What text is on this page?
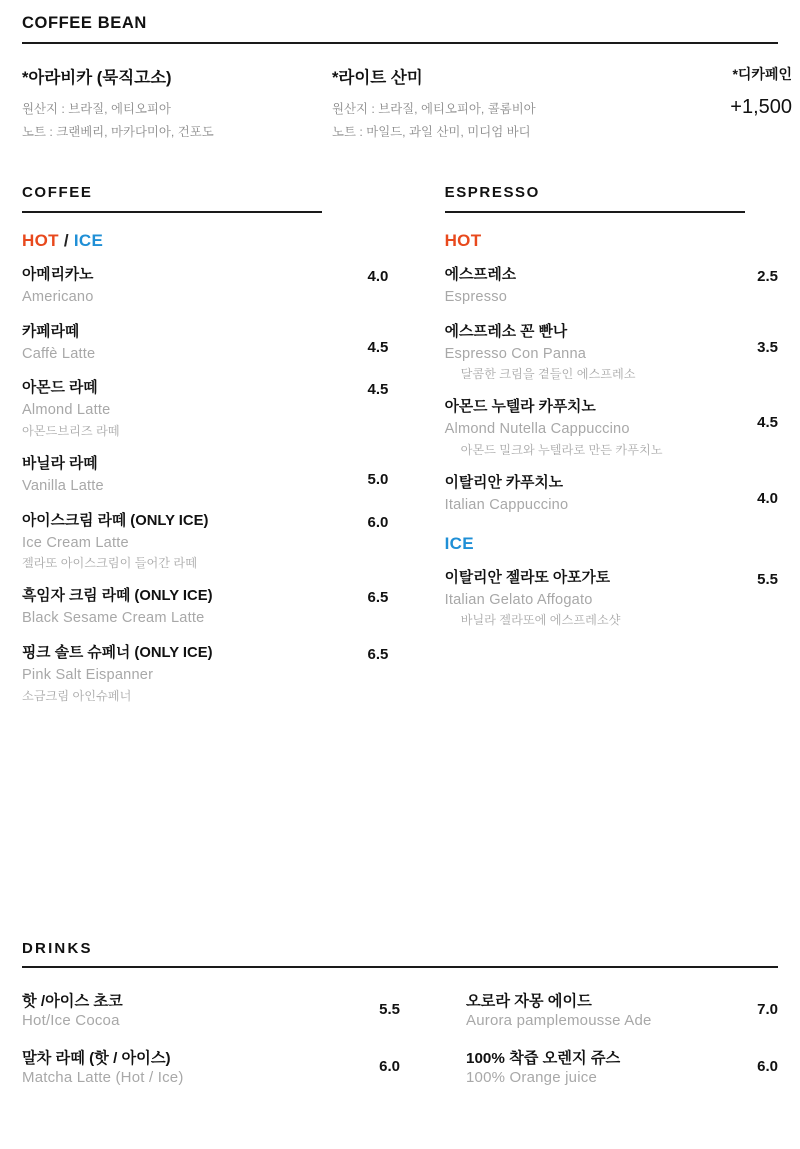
COFFEE BEAN
*아라비카 (묵직고소)
원산지 : 브라질, 에티오피아
노트 : 크랜베리, 마카다미아, 건포도
*라이트 산미
원산지 : 브라질, 에티오피아, 콜롬비아
노트 : 마일드, 과일 산미, 미디엄 바디
*디카페인
+1,500
COFFEE
HOT / ICE
아메리카노
Americano
4.0
카페라떼
Caffè Latte	4.5
아몬드 라떼
Almond Latte
아몬드브리즈 라떼
4.5
바닐라 라떼
Vanilla Latte	5.0
아이스크림 라떼 (ONLY ICE)
Ice Cream Latte
젤라또 아이스크림이 들어간 라떼
6.0
흑임자 크림 라떼 (ONLY ICE)
Black Sesame Cream Latte
6.5
핑크 솔트 슈페너 (ONLY ICE)
Pink Salt Eispanner
소금크림 아인슈페너
6.5
ESPRESSO
HOT
에스프레소
Espresso
2.5
에스프레소 꼰 빤나
Espresso Con Panna
달콤한 크림을 곁들인 에스프레소
3.5
아몬드 누텔라 카푸치노
Almond Nutella Cappuccino
아몬드 밀크와 누텔라로 만든 카푸치노
4.5
이탈리안 카푸치노
Italian Cappuccino	4.0
ICE
이탈리안 젤라또 아포가토
Italian Gelato Affogato
바닐라 젤라또에 에스프레소샷
5.5
DRINKS
핫 /아이스 초코
Hot/Ice Cocoa
5.5
말차 라떼 (핫 / 아이스)
Matcha Latte (Hot / Ice)
6.0
오로라 자몽 에이드
Aurora pamplemousse Ade
7.0
100% 착즙 오렌지 쥬스
100% Orange juice
6.0
